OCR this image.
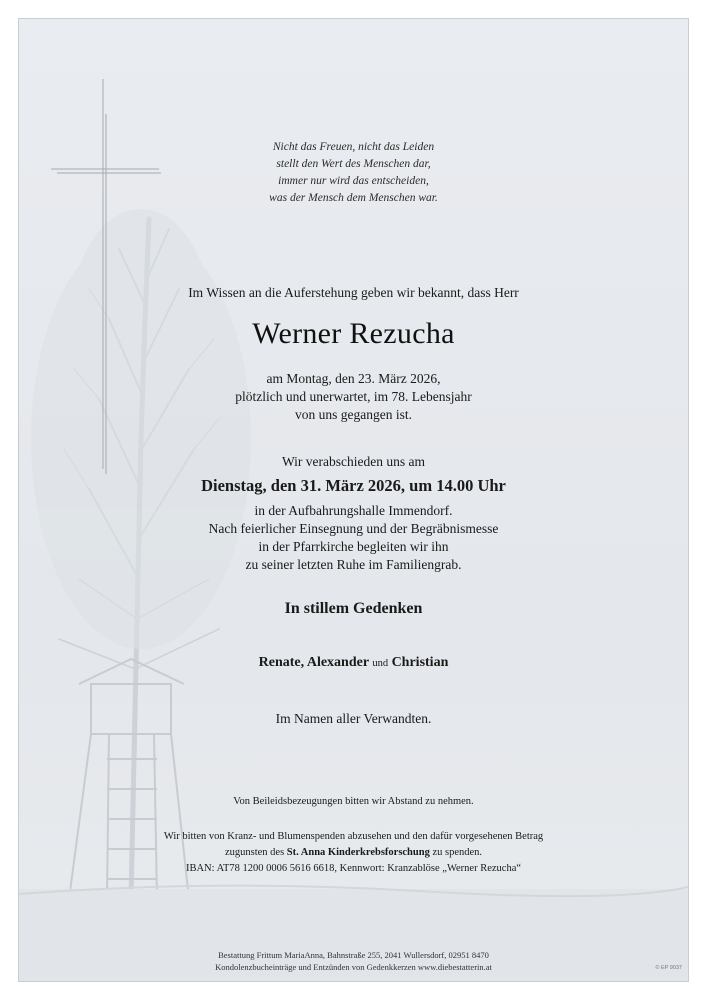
Nicht das Freuen, nicht das Leiden
stellt den Wert des Menschen dar,
immer nur wird das entscheiden,
was der Mensch dem Menschen war.
Im Wissen an die Auferstehung geben wir bekannt, dass Herr
Werner Rezucha
am Montag, den 23. März 2026,
plötzlich und unerwartet, im 78. Lebensjahr
von uns gegangen ist.
Wir verabschieden uns am
Dienstag, den 31. März 2026, um 14.00 Uhr
in der Aufbahrungshalle Immendorf.
Nach feierlicher Einsegnung und der Begräbnismesse
in der Pfarrkirche begleiten wir ihn
zu seiner letzten Ruhe im Familiengrab.
In stillem Gedenken
Renate, Alexander und Christian
Im Namen aller Verwandten.
Von Beileidsbezeugungen bitten wir Abstand zu nehmen.
Wir bitten von Kranz- und Blumenspenden abzusehen und den dafür vorgesehenen Betrag
zugunsten des St. Anna Kinderkrebsforschung zu spenden.
IBAN: AT78 1200 0006 5616 6618, Kennwort: Kranzablöse „Werner Rezucha“
Bestattung Frittum MariaAnna, Bahnstraße 255, 2041 Wullersdorf, 02951 8470
Kondolenzbucheinträge und Entzünden von Gedenkkerzen www.diebestatterin.at	© EP 9037
